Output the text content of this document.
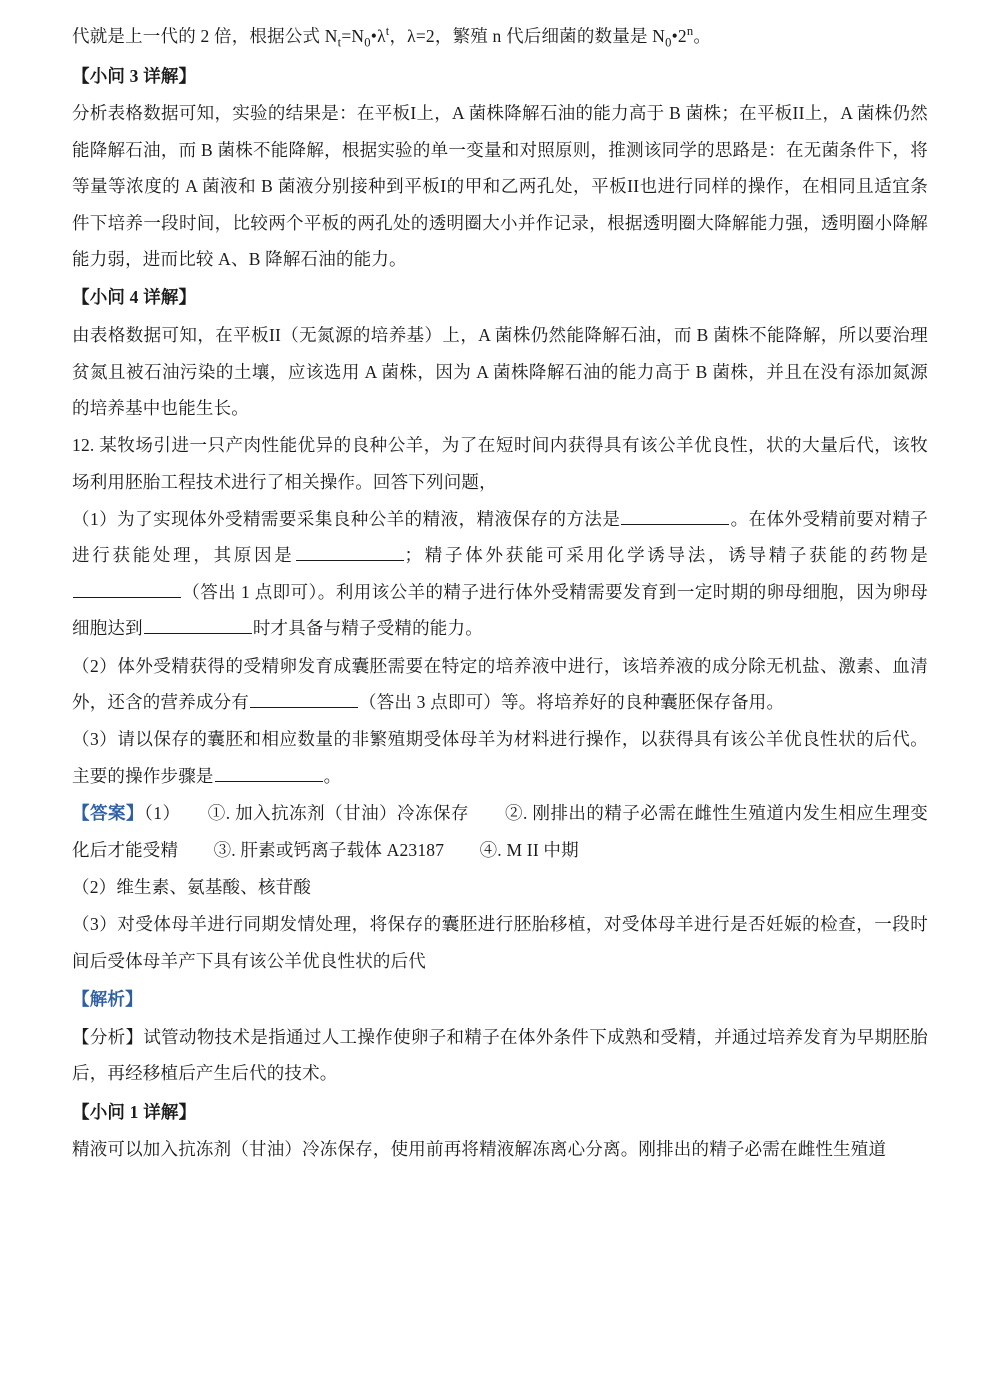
代就是上一代的 2 倍，根据公式 $N_t=N_0•\lambda^t$，λ=2，繁殖 n 代后细菌的数量是 $N_0•2^n$。

【小问 3 详解】

分析表格数据可知，实验的结果是：在平板I上，A 菌株降解石油的能力高于 B 菌株；在平板II上，A 菌株仍然能降解石油，而 B 菌株不能降解，根据实验的单一变量和对照原则，推测该同学的思路是：在无菌条件下，将等量等浓度的 A 菌液和 B 菌液分别接种到平板I的甲和乙两孔处，平板II也进行同样的操作，在相同且适宜条件下培养一段时间，比较两个平板的两孔处的透明圈大小并作记录，根据透明圈大降解能力强，透明圈小降解能力弱，进而比较 A、B 降解石油的能力。

【小问 4 详解】

由表格数据可知，在平板II（无氮源的培养基）上，A 菌株仍然能降解石油，而 B 菌株不能降解，所以要治理贫氮且被石油污染的土壤，应该选用 A 菌株，因为 A 菌株降解石油的能力高于 B 菌株，并且在没有添加氮源的培养基中也能生长。

12. 某牧场引进一只产肉性能优异的良种公羊，为了在短时间内获得具有该公羊优良性，状的大量后代，该牧场利用胚胎工程技术进行了相关操作。回答下列问题，

（1）为了实现体外受精需要采集良种公羊的精液，精液保存的方法是	。在体外受精前要对精子进行获能处理，其原因是	；精子体外获能可采用化学诱导法，诱导精子获能的药物是（答出 1 点即可）。利用该公羊的精子进行体外受精需要发育到一定时期的卵母细胞，因为卵母细胞达到	时才具备与精子受精的能力。

（2）体外受精获得的受精卵发育成囊胚需要在特定的培养液中进行，该培养液的成分除无机盐、激素、血清外，还含的营养成分有	（答出 3 点即可）等。将培养好的良种囊胚保存备用。

（3）请以保存的囊胚和相应数量的非繁殖期受体母羊为材料进行操作，以获得具有该公羊优良性状的后代。主要的操作步骤是	。

【答案】（1）　　①. 加入抗冻剂（甘油）冷冻保存　　②. 刚排出的精子必需在雌性生殖道内发生相应生理变化后才能受精　　③. 肝素或钙离子载体 A23187　　④. M II 中期

（2）维生素、氨基酸、核苷酸

（3）对受体母羊进行同期发情处理，将保存的囊胚进行胚胎移植，对受体母羊进行是否妊娠的检查，一段时间后受体母羊产下具有该公羊优良性状的后代

【解析】

【分析】试管动物技术是指通过人工操作使卵子和精子在体外条件下成熟和受精，并通过培养发育为早期胚胎后，再经移植后产生后代的技术。

【小问 1 详解】

精液可以加入抗冻剂（甘油）冷冻保存，使用前再将精液解冻离心分离。刚排出的精子必需在雌性生殖道
